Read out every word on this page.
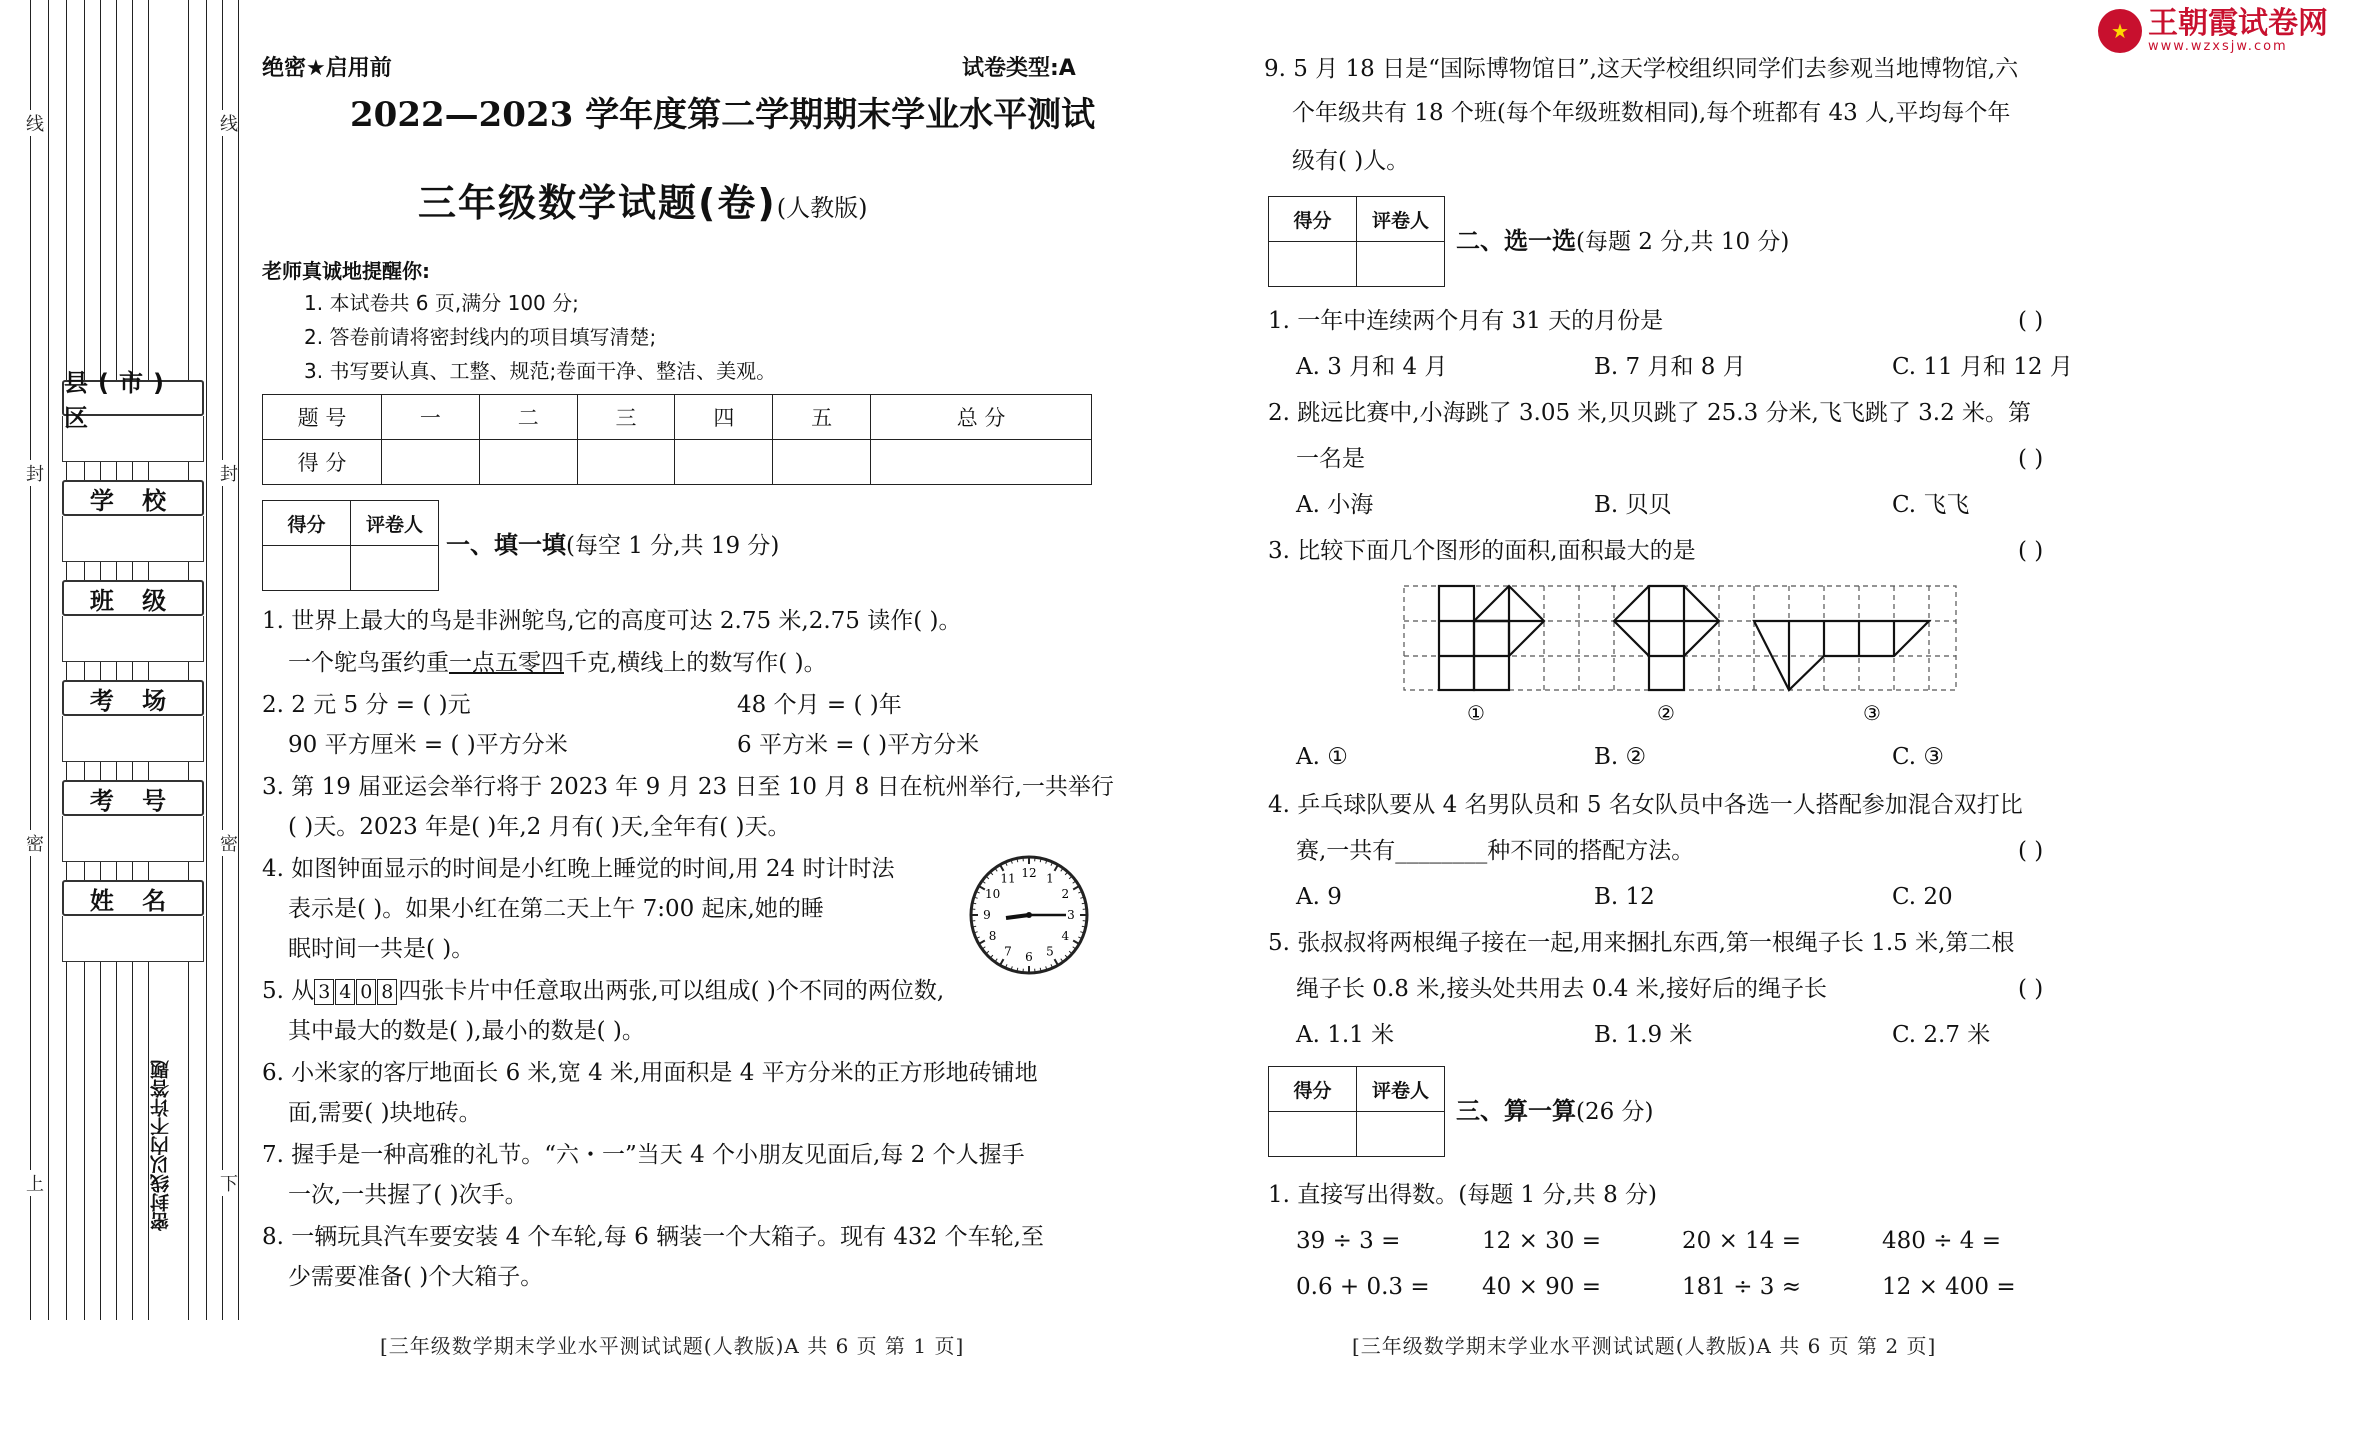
线
封
密
上
线
封
密
下
县(市)
学 校
班 级
考 场
考 号
姓 名
密封线以内不许答题
绝密★启用前	试卷类型:A
2022—2023 学年度第二学期期末学业水平测试
三年级数学试题(卷)(人教版)
老师真诚地提醒你:
1. 本试卷共 6 页,满分 100 分;
2. 答卷前请将密封线内的项目填写清楚;
3. 书写要认真、工整、规范;卷面干净、整洁、美观。
题 号	一	二	三	四	五	总 分
得 分						
得分	评卷人

一、填一填(每空 1 分,共 19 分)
1. 世界上最大的鸟是非洲鸵鸟,它的高度可达 2.75 米,2.75 读作( )。
一个鸵鸟蛋约重一点五零四千克,横线上的数写作( )。
2. 2 元 5 分 = ( )元	48 个月 = ( )年
90 平方厘米 = ( )平方分米	6 平方米 = ( )平方分米
3. 第 19 届亚运会举行将于 2023 年 9 月 23 日至 10 月 8 日在杭州举行,一共举行
( )天。2023 年是( )年,2 月有( )天,全年有( )天。
4. 如图钟面显示的时间是小红晚上睡觉的时间,用 24 时计时法
表示是( )。如果小红在第二天上午 7:00 起床,她的睡
眠时间一共是( )。
12 1
2
3
4
5
6
7
8
9
10
11
5. 从 3 4 0 8 四张卡片中任意取出两张,可以组成( )个不同的两位数,
其中最大的数是( ),最小的数是( )。
6. 小米家的客厅地面长 6 米,宽 4 米,用面积是 4 平方分米的正方形地砖铺地
面,需要( )块地砖。
7. 握手是一种高雅的礼节。“六・一”当天 4 个小朋友见面后,每 2 个人握手
一次,一共握了( )次手。
8. 一辆玩具汽车要安装 4 个车轮,每 6 辆装一个大箱子。现有 432 个车轮,至
少需要准备( )个大箱子。
[三年级数学期末学业水平测试试题(人教版)A 共 6 页 第 1 页]
★ 王朝霞试卷网
www.wzxsjw.com
9. 5 月 18 日是“国际博物馆日”,这天学校组织同学们去参观当地博物馆,六
个年级共有 18 个班(每个年级班数相同),每个班都有 43 人,平均每个年
级有( )人。
得分	评卷人

二、选一选(每题 2 分,共 10 分)
1. 一年中连续两个月有 31 天的月份是	( )
A. 3 月和 4 月	B. 7 月和 8 月	C. 11 月和 12 月
2. 跳远比赛中,小海跳了 3.05 米,贝贝跳了 25.3 分米,飞飞跳了 3.2 米。第
一名是	( )
A. 小海	B. 贝贝	C. 飞飞
3. 比较下面几个图形的面积,面积最大的是	( )
①	②	③
A. ①	B. ②	C. ③
4. 乒乓球队要从 4 名男队员和 5 名女队员中各选一人搭配参加混合双打比
赛,一共有________种不同的搭配方法。	( )
A. 9	B. 12	C. 20
5. 张叔叔将两根绳子接在一起,用来捆扎东西,第一根绳子长 1.5 米,第二根
绳子长 0.8 米,接头处共用去 0.4 米,接好后的绳子长	( )
A. 1.1 米	B. 1.9 米	C. 2.7 米
得分	评卷人

三、算一算(26 分)
1. 直接写出得数。(每题 1 分,共 8 分)
39 ÷ 3 =	12 × 30 =	20 × 14 =	480 ÷ 4 =
0.6 + 0.3 = 40 × 90 =	181 ÷ 3 ≈	12 × 400 =
[三年级数学期末学业水平测试试题(人教版)A 共 6 页 第 2 页]
